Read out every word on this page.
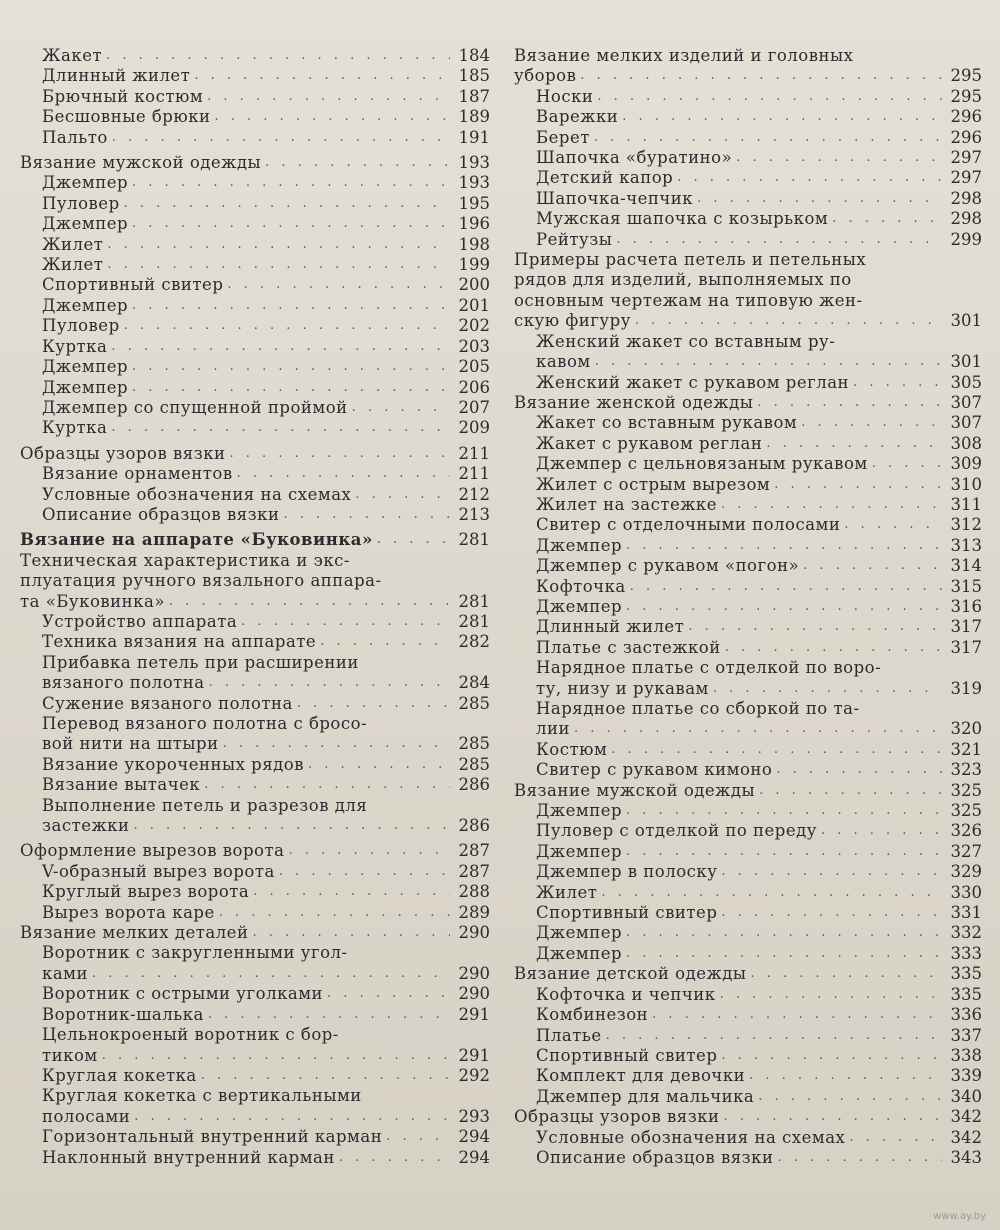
Жакет . . .	184
Длинный жилет . . .	185
Брючный костюм . . .	187
Бесшовные брюки . . .	189
Пальто . . .	191
Вязание мужской одежды . . .	193
Джемпер . . .	193
Пуловер . . .	195
Джемпер . . .	196
Жилет . . .	198
Жилет . . .	199
Спортивный свитер . . .	200
Джемпер . . .	201
Пуловер . . .	202
Куртка . . .	203
Джемпер . . .	205
Джемпер . . .	206
Джемпер со спущенной проймой . . .	207
Куртка . . .	209
Образцы узоров вязки . . .	211
Вязание орнаментов . . .	211
Условные обозначения на схемах . . .	212
Описание образцов вязки . . .	213
Вязание на аппарате «Буковинка» . . .	281
Техническая характеристика и экс-
плуатация ручного вязального аппара-
та «Буковинка» . . .	281
Устройство аппарата . . .	281
Техника вязания на аппарате . . .	282
Прибавка петель при расширении
вязаного полотна . . .	284
Сужение вязаного полотна . . .	285
Перевод вязаного полотна с бросо-
вой нити на штыри . . .	285
Вязание укороченных рядов . . .	285
Вязание вытачек . . .	286
Выполнение петель и разрезов для
застежки . . .	286
Оформление вырезов ворота . . .	287
V-образный вырез ворота . . .	287
Круглый вырез ворота . . .	288
Вырез ворота каре . . .	289
Вязание мелких деталей . . .	290
Воротник с закругленными угол-
ками . . .	290
Воротник с острыми уголками . . .	290
Воротник-шалька . . .	291
Цельнокроеный воротник с бор-
тиком . . .	291
Круглая кокетка . . .	292
Круглая кокетка с вертикальными
полосами . . .	293
Горизонтальный внутренний карман . . .	294
Наклонный внутренний карман . . .	294
Вязание мелких изделий и головных
уборов . . .	295
Носки . . .	295
Варежки . . .	296
Берет . . .	296
Шапочка «буратино» . . .	297
Детский капор . . .	297
Шапочка-чепчик . . .	298
Мужская шапочка с козырьком . . .	298
Рейтузы . . .	299
Примеры расчета петель и петельных
рядов для изделий, выполняемых по
основным чертежам на типовую жен-
скую фигуру . . .	301
Женский жакет со вставным ру-
кавом . . .	301
Женский жакет с рукавом реглан . . .	305
Вязание женской одежды . . .	307
Жакет со вставным рукавом . . .	307
Жакет с рукавом реглан . . .	308
Джемпер с цельновязаным рукавом . . .	309
Жилет с острым вырезом . . .	310
Жилет на застежке . . .	311
Свитер с отделочными полосами . . .	312
Джемпер . . .	313
Джемпер с рукавом «погон» . . .	314
Кофточка . . .	315
Джемпер . . .	316
Длинный жилет . . .	317
Платье с застежкой . . .	317
Нарядное платье с отделкой по воро-
ту, низу и рукавам . . .	319
Нарядное платье со сборкой по та-
лии . . .	320
Костюм . . .	321
Свитер с рукавом кимоно . . .	323
Вязание мужской одежды . . .	325
Джемпер . . .	325
Пуловер с отделкой по переду . . .	326
Джемпер . . .	327
Джемпер в полоску . . .	329
Жилет . . .	330
Спортивный свитер . . .	331
Джемпер . . .	332
Джемпер . . .	333
Вязание детской одежды . . .	335
Кофточка и чепчик . . .	335
Комбинезон . . .	336
Платье . . .	337
Спортивный свитер . . .	338
Комплект для девочки . . .	339
Джемпер для мальчика . . .	340
Образцы узоров вязки . . .	342
Условные обозначения на схемах . . .	342
Описание образцов вязки . . .	343
www.ay.by
